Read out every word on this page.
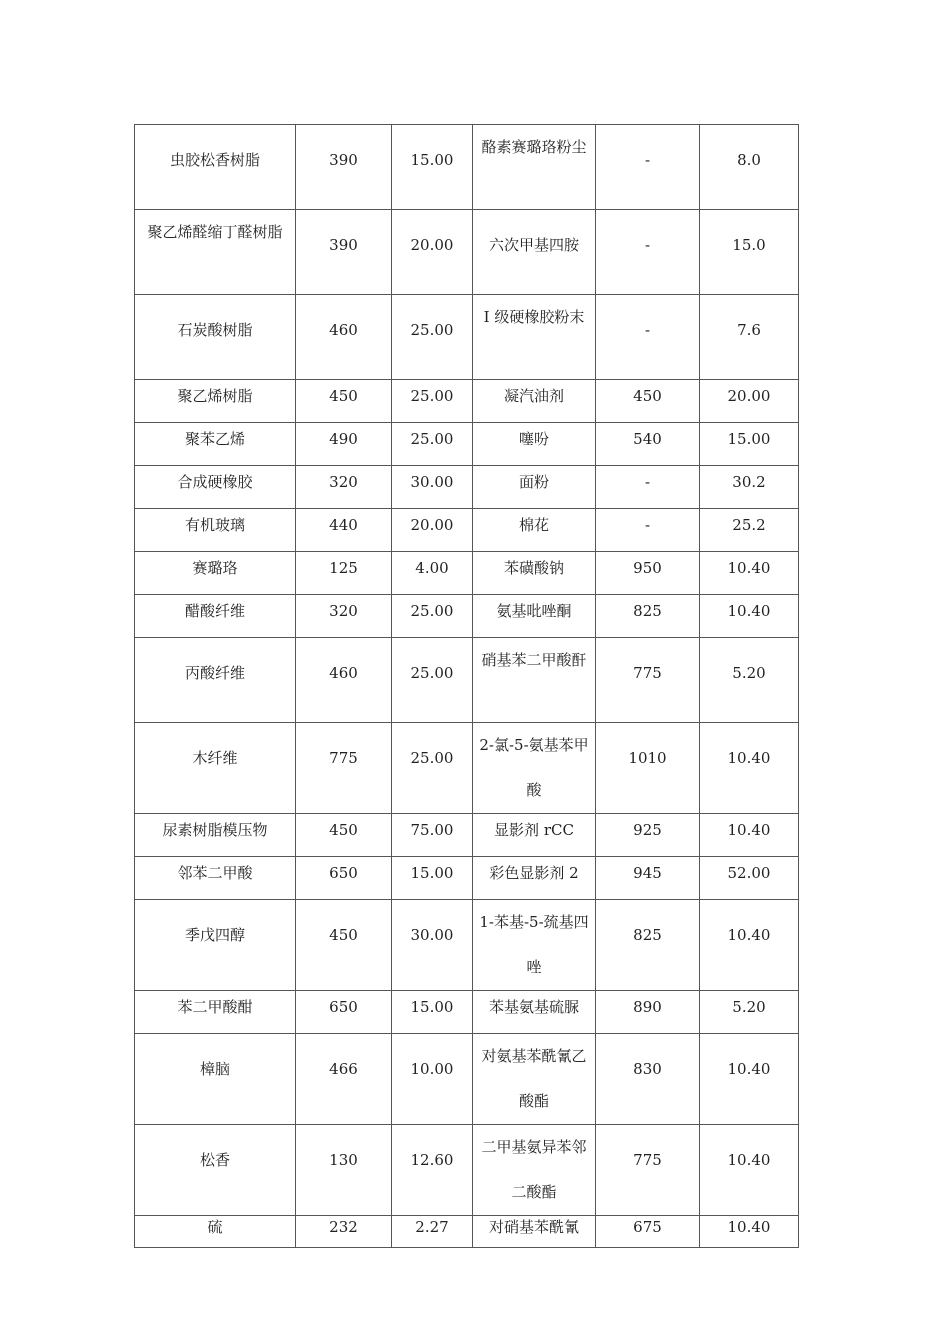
虫胶松香树脂	390	15.00	酪素赛璐珞粉尘	-	8.0
聚乙烯醛缩丁醛树脂	390	20.00	六次甲基四胺	-	15.0
石炭酸树脂	460	25.00	Ⅰ 级硬橡胶粉末	-	7.6
聚乙烯树脂	450	25.00	凝汽油剂	450	20.00
聚苯乙烯	490	25.00	噻吩	540	15.00
合成硬橡胶	320	30.00	面粉	-	30.2
有机玻璃	440	20.00	棉花	-	25.2
赛璐珞	125	4.00	苯磺酸钠	950	10.40
醋酸纤维	320	25.00	氨基吡唑酮	825	10.40
丙酸纤维	460	25.00	硝基苯二甲酸酐	775	5.20
木纤维	775	25.00	2-氯-5-氨基苯甲酸	1010	10.40
尿素树脂模压物	450	75.00	显影剂 rCC	925	10.40
邻苯二甲酸	650	15.00	彩色显影剂 2	945	52.00
季戊四醇	450	30.00	1-苯基-5-巯基四唑	825	10.40
苯二甲酸酣	650	15.00	苯基氨基硫脲	890	5.20
樟脑	466	10.00	对氨基苯酰氰乙酸酯	830	10.40
松香	130	12.60	二甲基氨异苯邻二酸酯	775	10.40
硫	232	2.27	对硝基苯酰氰	675	10.40
